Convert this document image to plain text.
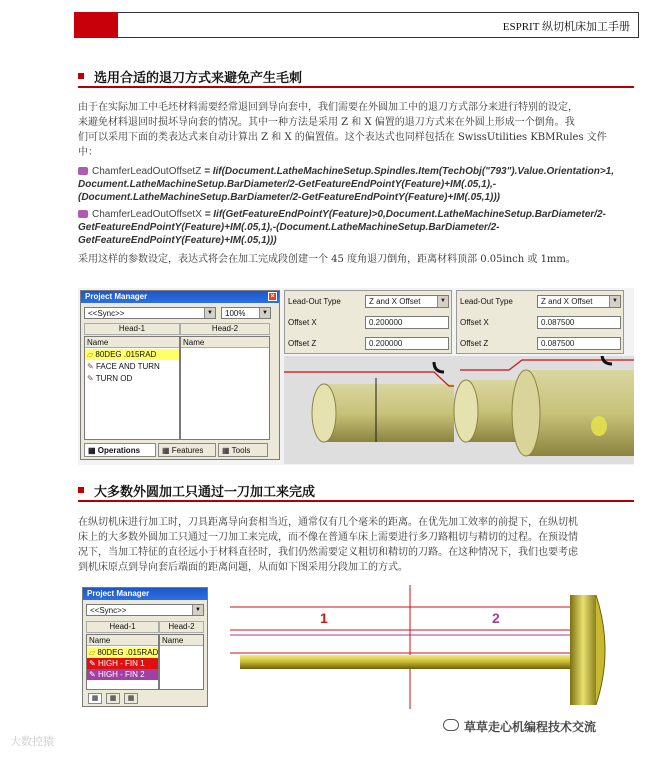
ESPRIT 纵切机床加工手册
选用合适的退刀方式来避免产生毛刺
由于在实际加工中毛坯材料需要经常退回到导向套中，我们需要在外圆加工中的退刀方式部分来进行特别的设定，
来避免材料退回时损坏导向套的情况。其中一种方法是采用 Z 和 X 偏置的退刀方式来在外圆上形成一个倒角。我
们可以采用下面的类表达式来自动计算出 Z 和 X 的偏置值。这个表达式也同样包括在 SwissUtilities KBMRules 文件
中：
ChamferLeadOutOffsetZ = Iif(Document.LatheMachineSetup.Spindles.Item(TechObj("793").Value.Orientation>1,
Document.LatheMachineSetup.BarDiameter/2-GetFeatureEndPointY(Feature)+IM(.05,1),-
(Document.LatheMachineSetup.BarDiameter/2-GetFeatureEndPointY(Feature)+IM(.05,1)))
ChamferLeadOutOffsetX = Iif(GetFeatureEndPointY(Feature)>0,Document.LatheMachineSetup.BarDiameter/2-
GetFeatureEndPointY(Feature)+IM(.05,1),-(Document.LatheMachineSetup.BarDiameter/2-
GetFeatureEndPointY(Feature)+IM(.05,1)))
采用这样的参数设定，表达式将会在加工完成段创建一个 45 度角退刀倒角，距离材料顶部 0.05inch 或 1mm。
Project Manager	×
<<Sync>>	▼	100%	▼
Head-1	Head-2
Name
▱ 80DEG .015RAD
✎ FACE AND TURN
✎ TURN OD
Name
▦ Operations	▦ Features	▦ Tools
Lead-Out Type	Z and X Offset	▼
Offset X	0.200000
Offset Z	0.200000
Lead-Out Type	Z and X Offset	▼
Offset X	0.087500
Offset Z	0.087500
大多数外圆加工只通过一刀加工来完成
在纵切机床进行加工时，刀具距离导向套相当近，通常仅有几个毫米的距离。在优先加工效率的前提下，在纵切机
床上的大多数外圆加工只通过一刀加工来完成，而不像在普通车床上需要进行多刀路粗切与精切的过程。在预设情
况下，当加工特征的直径远小于材料直径时，我们仍然需要定义粗切和精切的刀路。在这种情况下，我们也要考虑
到机床原点到导向套后端面的距离问题，从而如下图采用分段加工的方式。
Project Manager
<<Sync>>	▼
Head-1	Head-2
Name
▱ 80DEG .015RAD
✎ HIGH - FIN 1
✎ HIGH - FIN 2
Name
▦	▦	▦
1	2
大数控猿
草草走心机编程技术交流
